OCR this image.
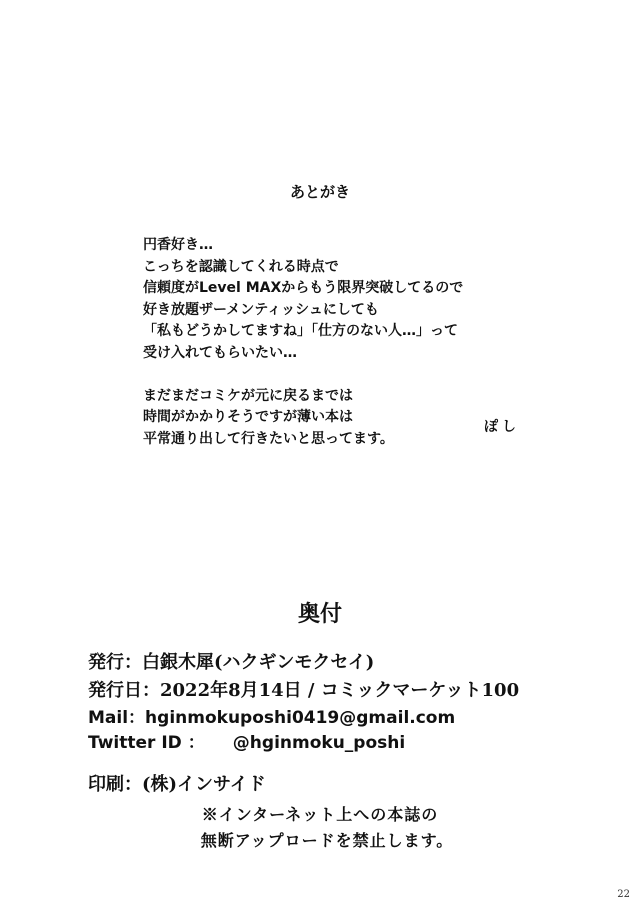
あとがき
円香好き…
こっちを認識してくれる時点で
信頼度がLevel MAXからもう限界突破してるので
好き放題ザーメンティッシュにしても
「私もどうかしてますね」「仕方のない人…」って
受け入れてもらいたい…
まだまだコミケが元に戻るまでは
時間がかかりそうですが薄い本は
平常通り出して行きたいと思ってます。
ぽし
奥付
発行：白銀木犀(ハクギンモクセイ)
発行日：2022年8月14日 / コミックマーケット100
Mail：hginmokuposhi0419@gmail.com
Twitter ID ： @hginmoku_poshi
印刷：(株)インサイド
※インターネット上への本誌の
無断アップロードを禁止します。
22
